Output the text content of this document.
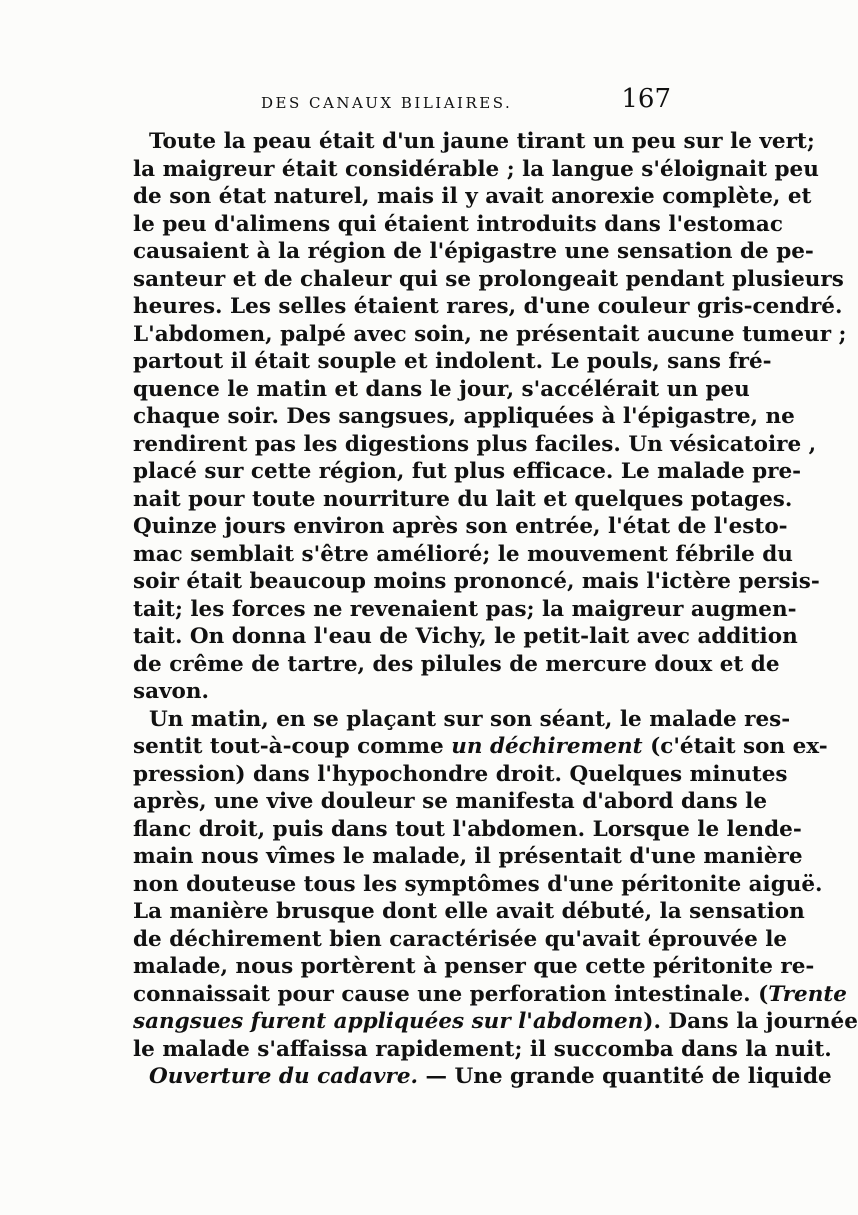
DES CANAUX BILIAIRES.	167
Toute la peau était d'un jaune tirant un peu sur le vert;
la maigreur était considérable ; la langue s'éloignait peu
de son état naturel, mais il y avait anorexie complète, et
le peu d'alimens qui étaient introduits dans l'estomac
causaient à la région de l'épigastre une sensation de pe-
santeur et de chaleur qui se prolongeait pendant plusieurs
heures. Les selles étaient rares, d'une couleur gris-cendré.
L'abdomen, palpé avec soin, ne présentait aucune tumeur ;
partout il était souple et indolent. Le pouls, sans fré-
quence le matin et dans le jour, s'accélérait un peu
chaque soir. Des sangsues, appliquées à l'épigastre, ne
rendirent pas les digestions plus faciles. Un vésicatoire ,
placé sur cette région, fut plus efficace. Le malade pre-
nait pour toute nourriture du lait et quelques potages.
Quinze jours environ après son entrée, l'état de l'esto-
mac semblait s'être amélioré; le mouvement fébrile du
soir était beaucoup moins prononcé, mais l'ictère persis-
tait; les forces ne revenaient pas; la maigreur augmen-
tait. On donna l'eau de Vichy, le petit-lait avec addition
de crême de tartre, des pilules de mercure doux et de
savon.
Un matin, en se plaçant sur son séant, le malade res-
sentit tout-à-coup comme un déchirement (c'était son ex-
pression) dans l'hypochondre droit. Quelques minutes
après, une vive douleur se manifesta d'abord dans le
flanc droit, puis dans tout l'abdomen. Lorsque le lende-
main nous vîmes le malade, il présentait d'une manière
non douteuse tous les symptômes d'une péritonite aiguë.
La manière brusque dont elle avait débuté, la sensation
de déchirement bien caractérisée qu'avait éprouvée le
malade, nous portèrent à penser que cette péritonite re-
connaissait pour cause une perforation intestinale. (Trente
sangsues furent appliquées sur l'abdomen). Dans la journée
le malade s'affaissa rapidement; il succomba dans la nuit.
Ouverture du cadavre. — Une grande quantité de liquide
